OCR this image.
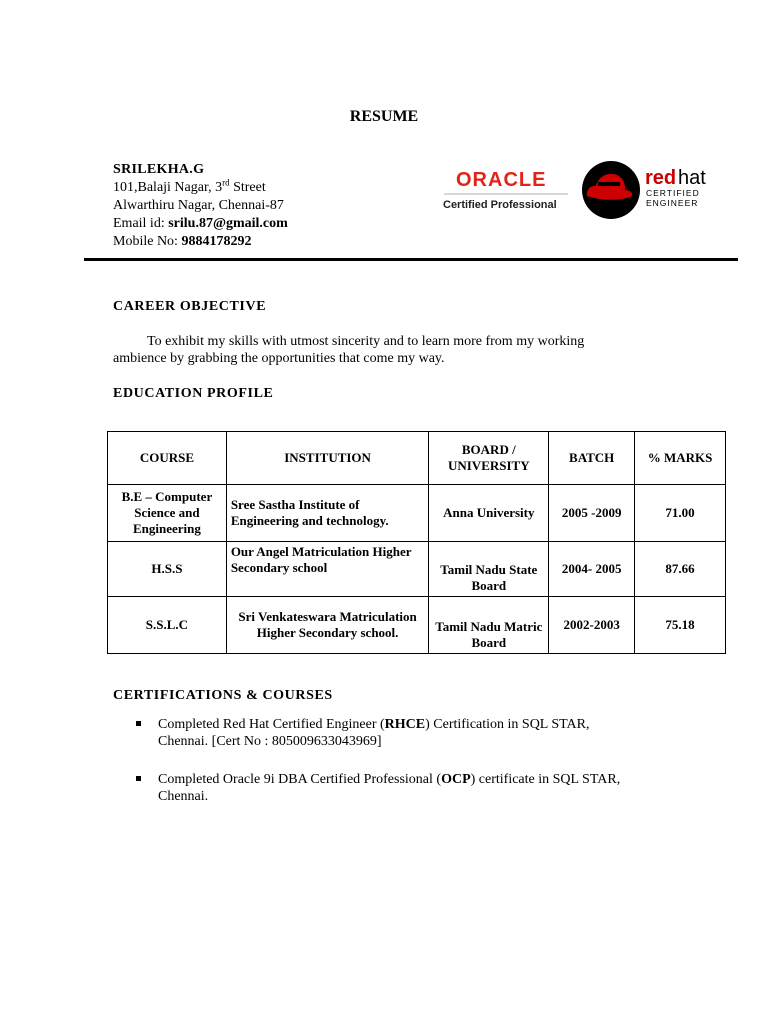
RESUME
SRILEKHA.G
101,Balaji Nagar, 3rd Street
Alwarthiru Nagar, Chennai-87
Email id: srilu.87@gmail.com
Mobile No: 9884178292
ORACLE
Certified Professional
red hat
CERTIFIED
ENGINEER
CAREER OBJECTIVE
To exhibit my skills with utmost sincerity and to learn more from my working ambience by grabbing the opportunities that come my way.
EDUCATION PROFILE
COURSE	INSTITUTION	BOARD / UNIVERSITY	BATCH	% MARKS
B.E – Computer Science and Engineering	Sree Sastha Institute of Engineering and technology.	Anna University	2005 -2009	71.00
H.S.S	Our Angel Matriculation Higher Secondary school	Tamil Nadu State Board	2004- 2005	87.66
S.S.L.C	Sri Venkateswara Matriculation Higher Secondary school.	Tamil Nadu Matric Board	2002-2003	75.18
CERTIFICATIONS & COURSES
Completed Red Hat Certified Engineer (RHCE) Certification in SQL STAR, Chennai. [Cert No : 805009633043969]
Completed Oracle 9i DBA Certified Professional (OCP) certificate in SQL STAR, Chennai.
